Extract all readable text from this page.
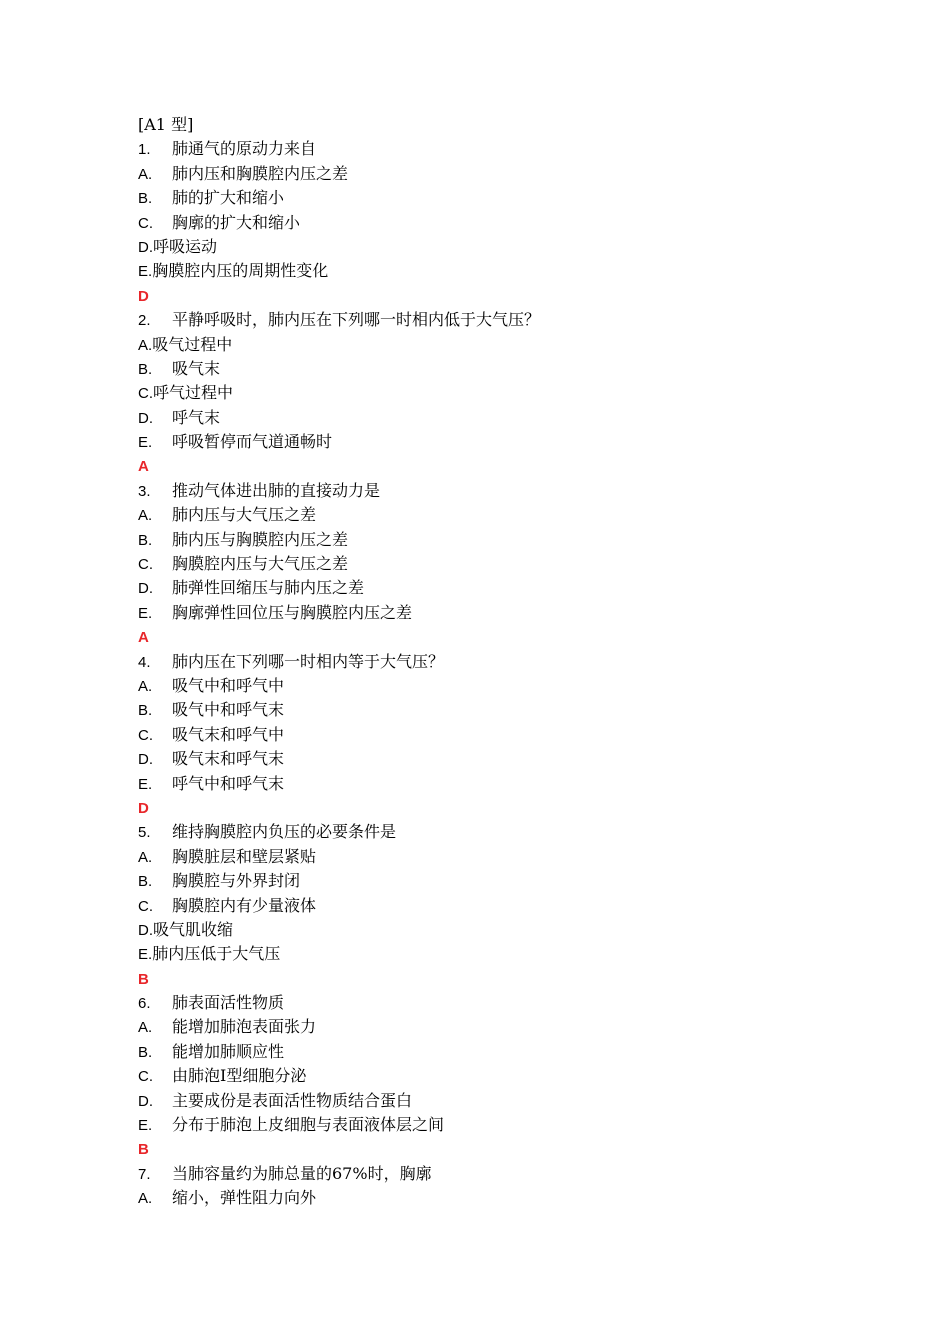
[A1 型]
1. 肺通气的原动力来自
A. 肺内压和胸膜腔内压之差
B. 肺的扩大和缩小
C. 胸廓的扩大和缩小
D.呼吸运动
E.胸膜腔内压的周期性变化
D
2. 平静呼吸时，肺内压在下列哪一时相内低于大气压？
A.吸气过程中
B. 吸气末
C.呼气过程中
D. 呼气末
E. 呼吸暂停而气道通畅时
A
3. 推动气体进出肺的直接动力是
A. 肺内压与大气压之差
B. 肺内压与胸膜腔内压之差
C. 胸膜腔内压与大气压之差
D. 肺弹性回缩压与肺内压之差
E. 胸廓弹性回位压与胸膜腔内压之差
A
4. 肺内压在下列哪一时相内等于大气压？
A. 吸气中和呼气中
B. 吸气中和呼气末
C. 吸气末和呼气中
D. 吸气末和呼气末
E. 呼气中和呼气末
D
5. 维持胸膜腔内负压的必要条件是
A. 胸膜脏层和壁层紧贴
B. 胸膜腔与外界封闭
C. 胸膜腔内有少量液体
D.吸气肌收缩
E.肺内压低于大气压
B
6. 肺表面活性物质
A. 能增加肺泡表面张力
B. 能增加肺顺应性
C. 由肺泡Ⅰ型细胞分泌
D. 主要成份是表面活性物质结合蛋白
E. 分布于肺泡上皮细胞与表面液体层之间
B
7. 当肺容量约为肺总量的67%时，胸廓
A. 缩小，弹性阻力向外
